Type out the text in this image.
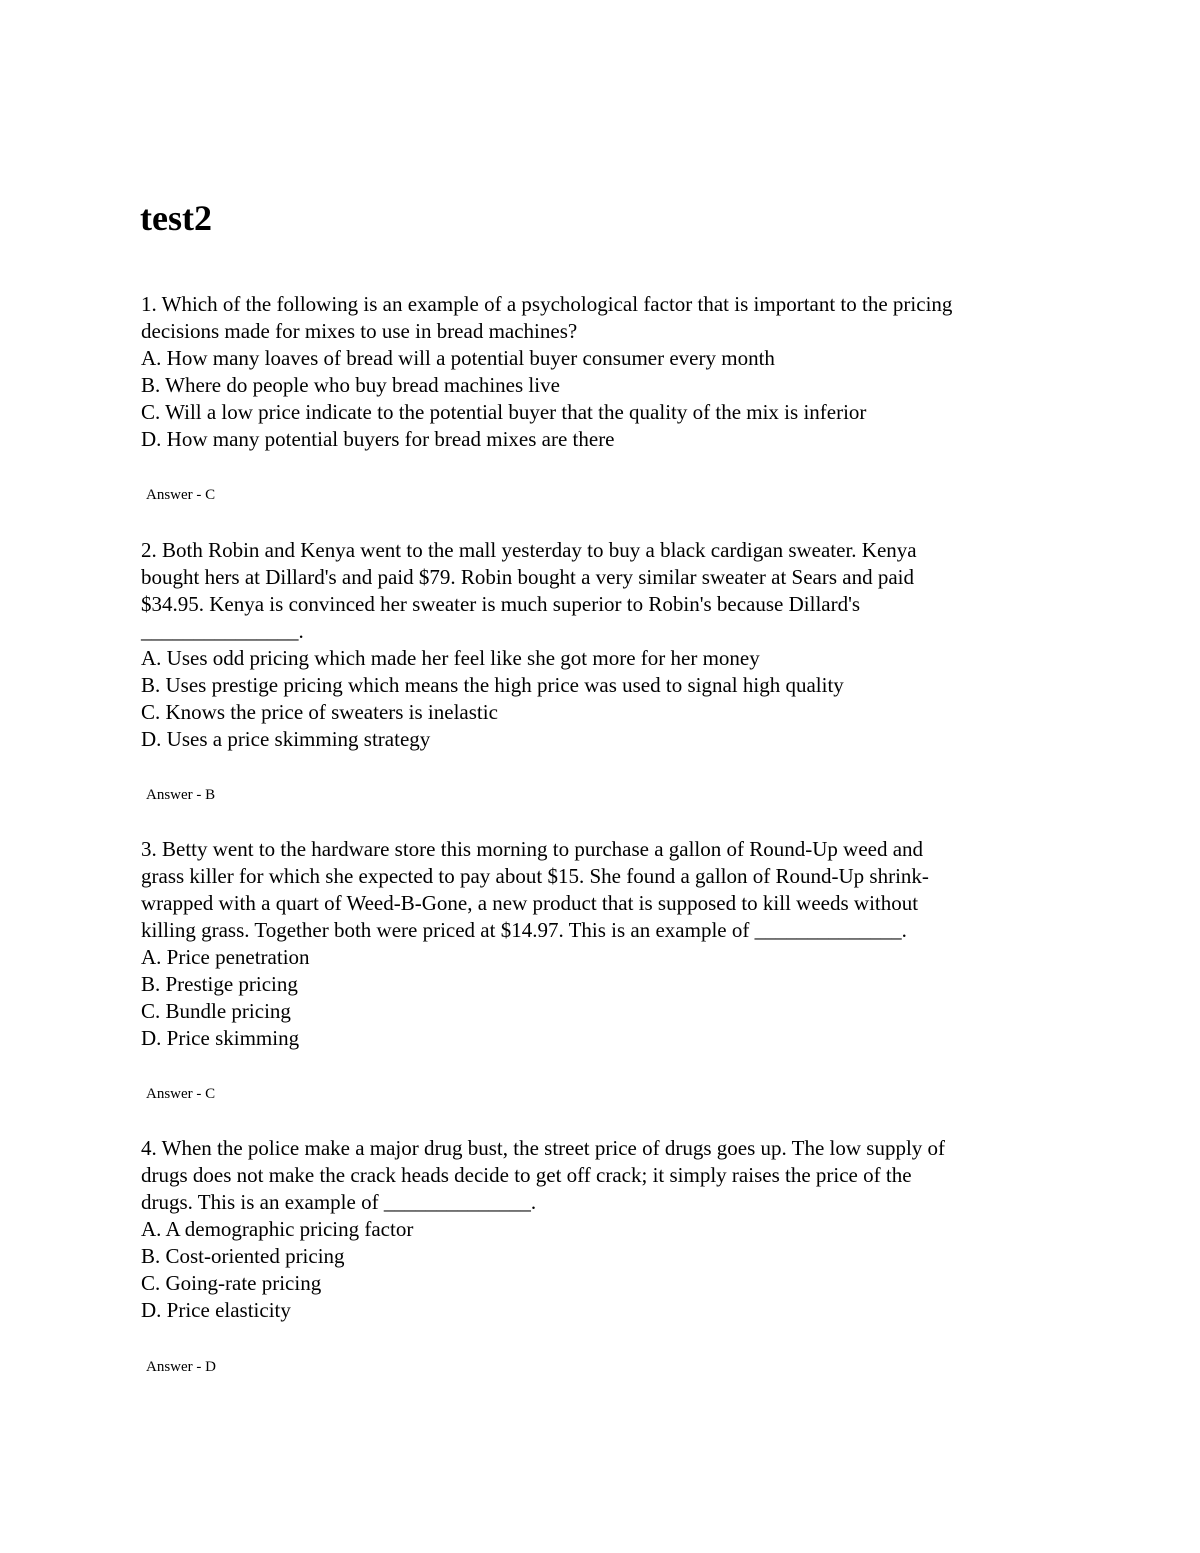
test2
1. Which of the following is an example of a psychological factor that is important to the pricing
decisions made for mixes to use in bread machines?
A. How many loaves of bread will a potential buyer consumer every month
B. Where do people who buy bread machines live
C. Will a low price indicate to the potential buyer that the quality of the mix is inferior
D. How many potential buyers for bread mixes are there
Answer - C
2. Both Robin and Kenya went to the mall yesterday to buy a black cardigan sweater. Kenya
bought hers at Dillard's and paid $79. Robin bought a very similar sweater at Sears and paid
$34.95. Kenya is convinced her sweater is much superior to Robin's because Dillard's
_______________.
A. Uses odd pricing which made her feel like she got more for her money
B. Uses prestige pricing which means the high price was used to signal high quality
C. Knows the price of sweaters is inelastic
D. Uses a price skimming strategy
Answer - B
3. Betty went to the hardware store this morning to purchase a gallon of Round-Up weed and
grass killer for which she expected to pay about $15. She found a gallon of Round-Up shrink-
wrapped with a quart of Weed-B-Gone, a new product that is supposed to kill weeds without
killing grass. Together both were priced at $14.97. This is an example of ______________.
A. Price penetration
B. Prestige pricing
C. Bundle pricing
D. Price skimming
Answer - C
4. When the police make a major drug bust, the street price of drugs goes up. The low supply of
drugs does not make the crack heads decide to get off crack; it simply raises the price of the
drugs. This is an example of ______________.
A. A demographic pricing factor
B. Cost-oriented pricing
C. Going-rate pricing
D. Price elasticity
Answer - D
